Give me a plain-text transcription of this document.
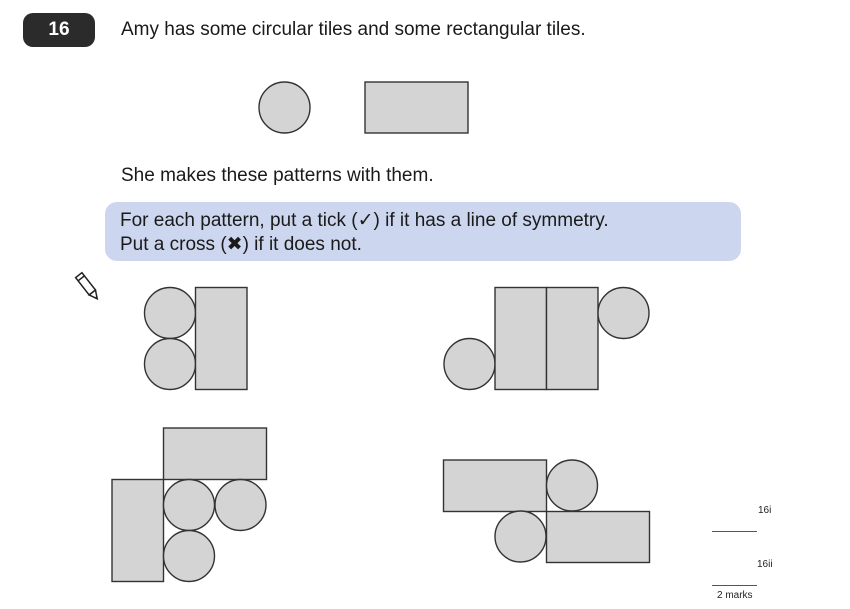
16	Amy has some circular tiles and some rectangular tiles.
She makes these patterns with them.
For each pattern, put a tick (✓) if it has a line of symmetry.
Put a cross (✖) if it does not.
16i
16ii
2 marks
